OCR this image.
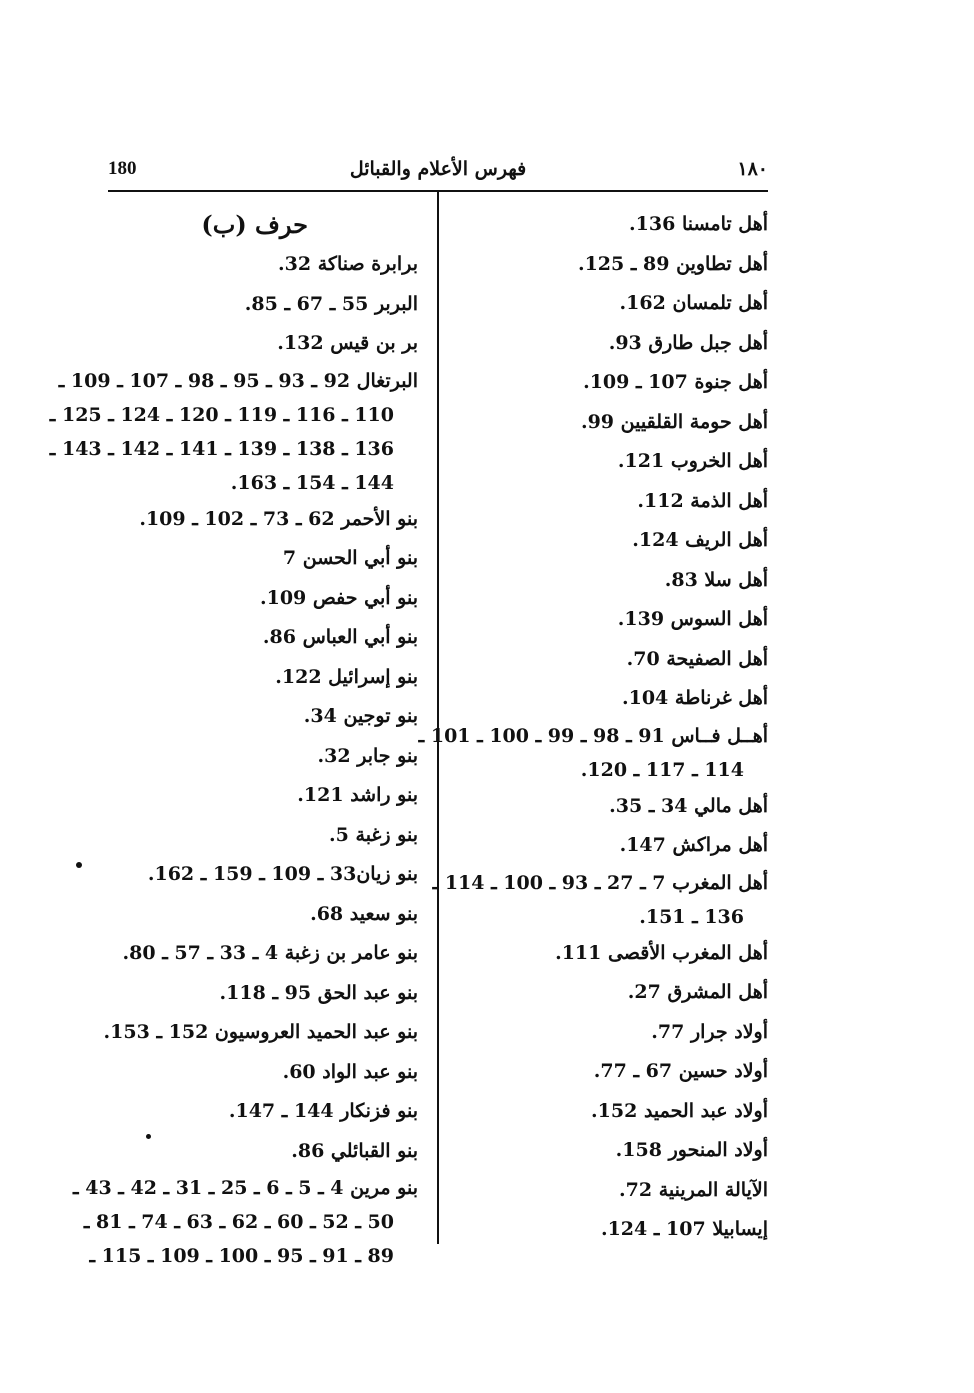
180	فهرس الأعلام والقبائل	١٨٠
أهل تامسنا 136.
أهل تطاوين 89 ـ 125.
أهل تلمسان 162.
أهل جبل طارق 93.
أهل جنوة 107 ـ 109.
أهل حومة القلقيين 99.
أهل الخروب 121.
أهل الذمة 112.
أهل الريف 124.
أهل سلا 83.
أهل السوس 139.
أهل الصفيحة 70.
أهل غرناطة 104.
أهــل فــاس 91 ـ 98 ـ 99 ـ 100 ـ 101 ـ
114 ـ 117 ـ 120.
أهل مالي 34 ـ 35.
أهل مراكش 147.
أهل المغرب 7 ـ 27 ـ 93 ـ 100 ـ 114 ـ
136 ـ 151.
أهل المغرب الأقصى 111.
أهل المشرق 27.
أولاد جرار 77.
أولاد حسين 67 ـ 77.
أولاد عبد الحميد 152.
أولاد المنحور 158.
الآيالة المرينية 72.
إيسابيلا 107 ـ 124.
حرف (ب)
برابرة صناكة 32.
البربر 55 ـ 67 ـ 85.
بر بن قيس 132.
البرتغال 92 ـ 93 ـ 95 ـ 98 ـ 107 ـ 109 ـ
110 ـ 116 ـ 119 ـ 120 ـ 124 ـ 125 ـ
136 ـ 138 ـ 139 ـ 141 ـ 142 ـ 143 ـ
144 ـ 154 ـ 163.
بنو الأحمر 62 ـ 73 ـ 102 ـ 109.
بنو أبي الحسن 7
بنو أبي حفص 109.
بنو أبي العباس 86.
بنو إسرائيل 122.
بنو توجين 34.
بنو جابر 32.
بنو راشد 121.
بنو زغبة 5.
بنو زيان33 ـ 109 ـ 159 ـ 162.
بنو سعيد 68.
بنو عامر بن زغبة 4 ـ 33 ـ 57 ـ 80.
بنو عبد الحق 95 ـ 118.
بنو عبد الحميد العروسيون 152 ـ 153.
بنو عبد الواد 60.
بنو فزنكار 144 ـ 147.
بنو القبائلي 86.
بنو مرين 4 ـ 5 ـ 6 ـ 25 ـ 31 ـ 42 ـ 43 ـ
50 ـ 52 ـ 60 ـ 62 ـ 63 ـ 74 ـ 81 ـ
89 ـ 91 ـ 95 ـ 100 ـ 109 ـ 115 ـ
